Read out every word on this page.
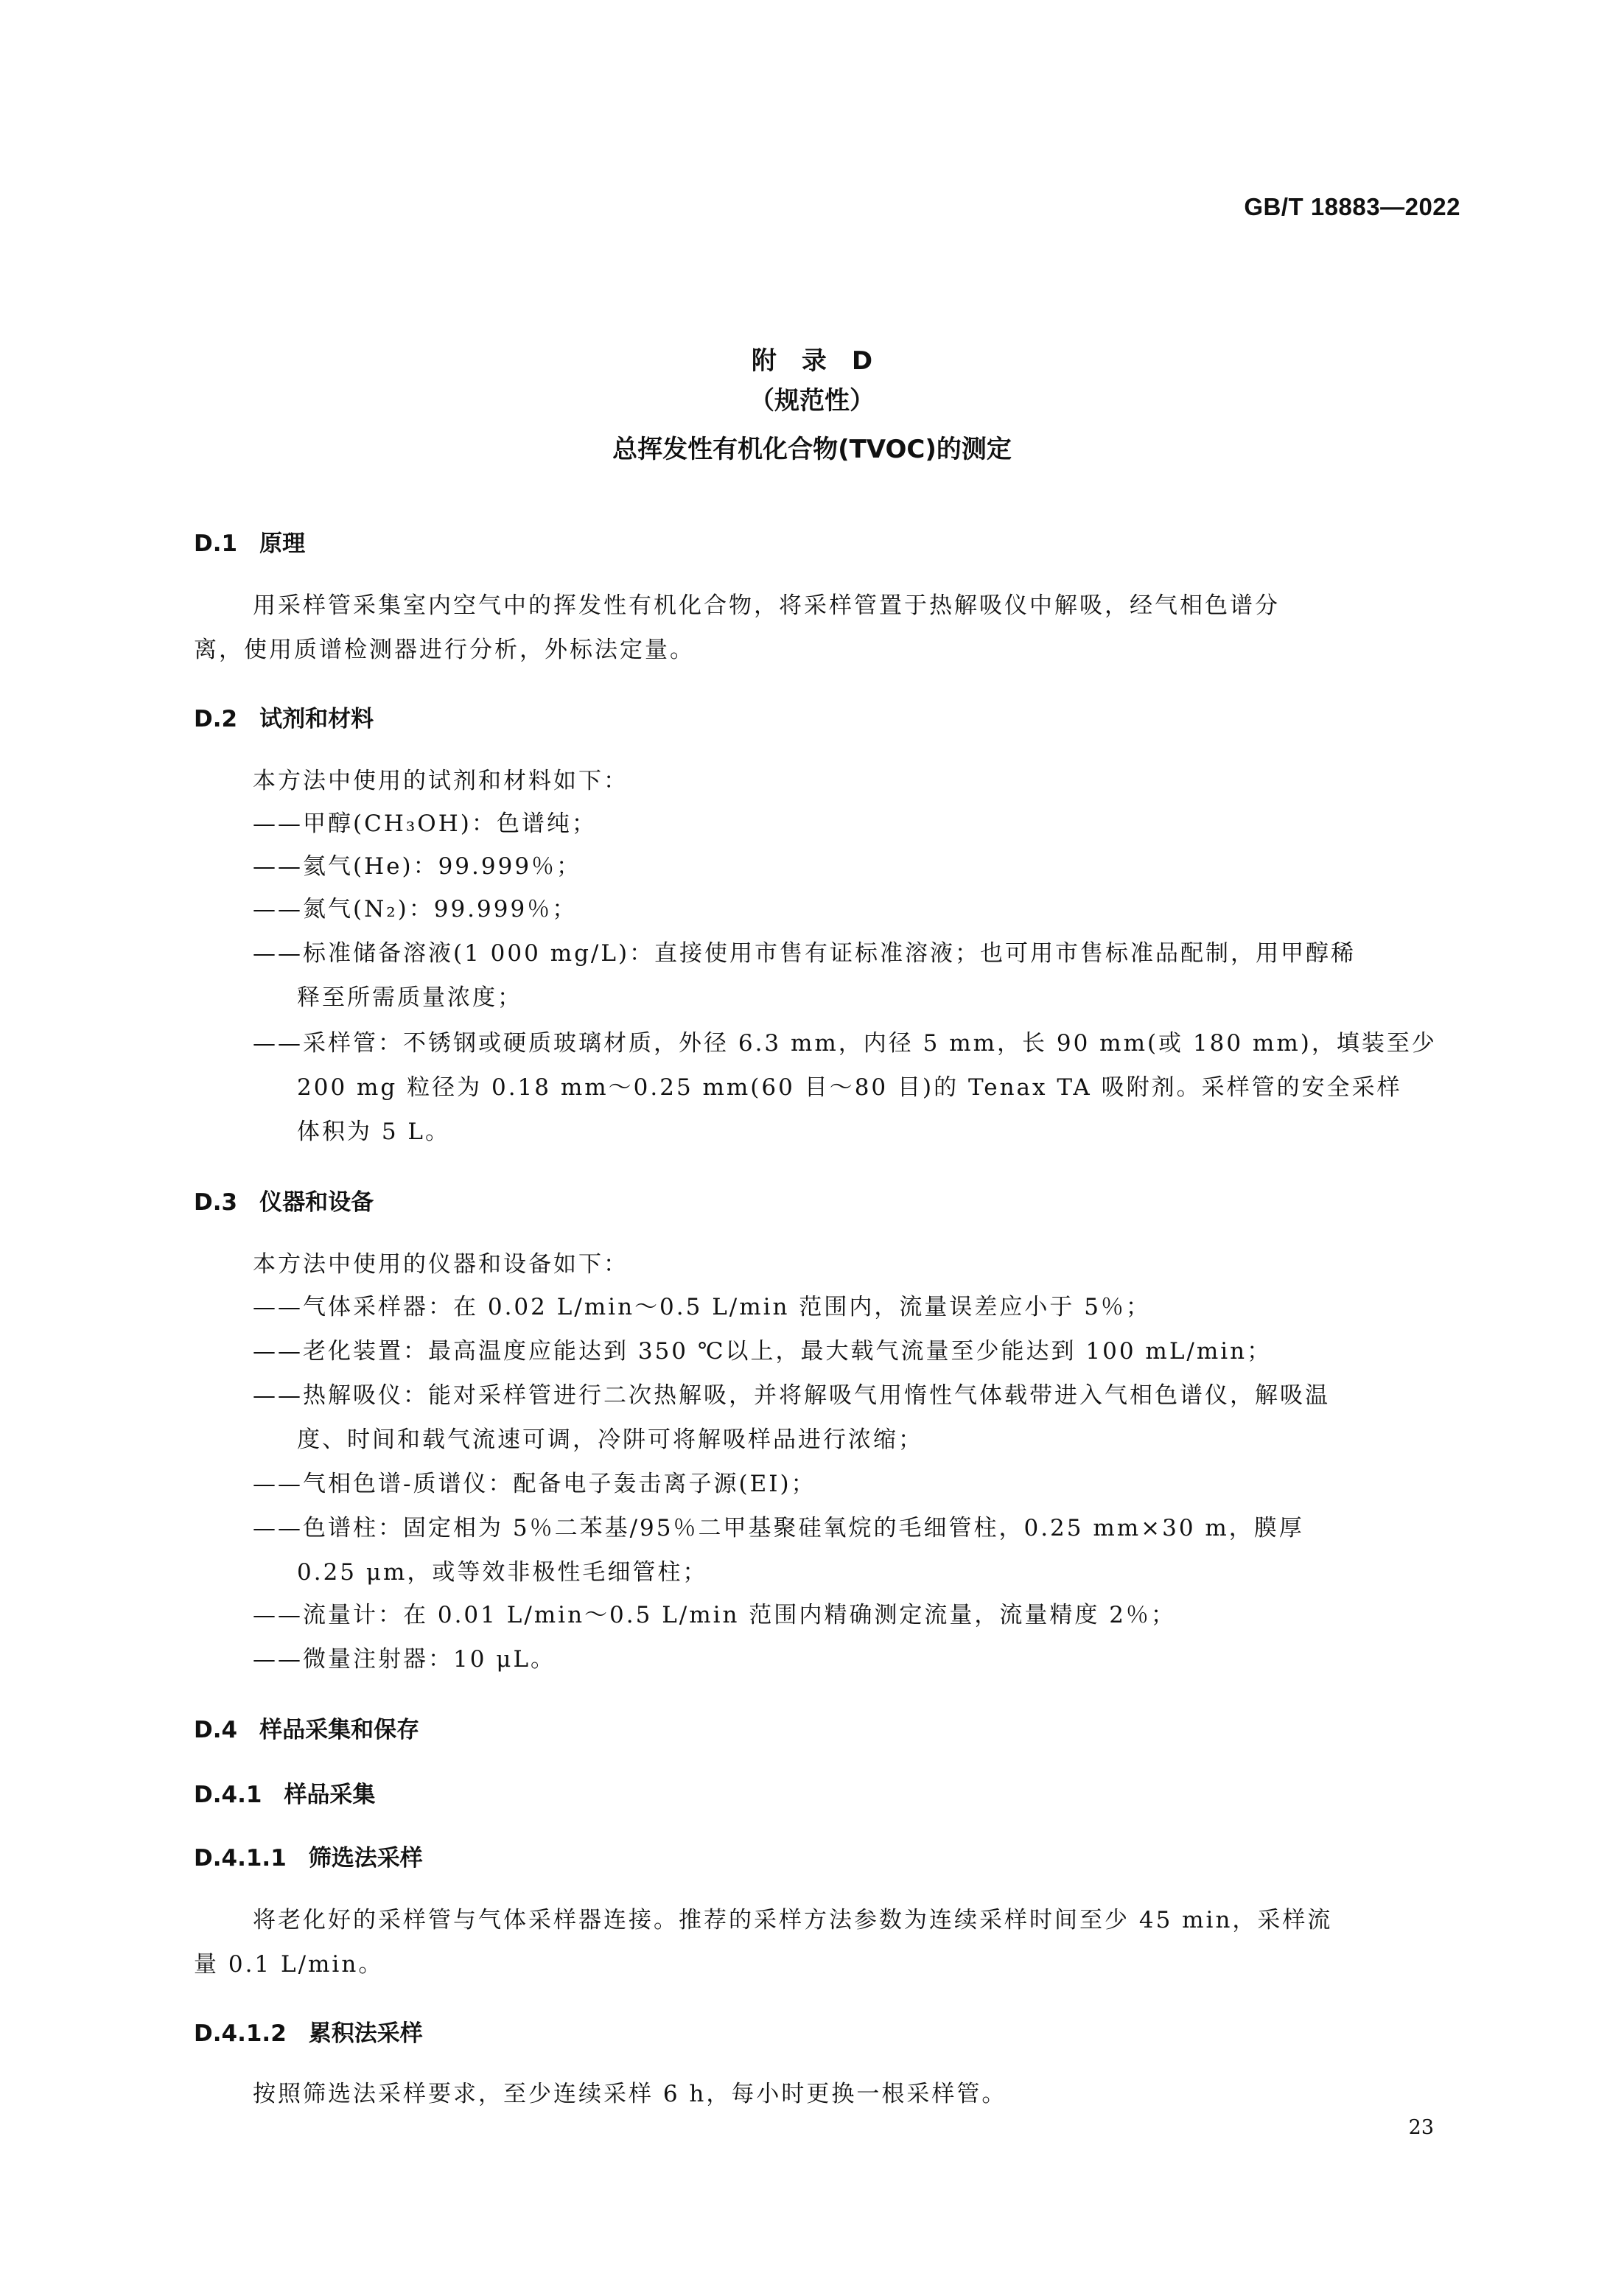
GB/T 18883—2022
附 录 D
（规范性）
总挥发性有机化合物(TVOC)的测定
D.1 原理
用采样管采集室内空气中的挥发性有机化合物，将采样管置于热解吸仪中解吸，经气相色谱分
离，使用质谱检测器进行分析，外标法定量。
D.2 试剂和材料
本方法中使用的试剂和材料如下：
——甲醇(CH₃OH)：色谱纯；
——氦气(He)：99.999％；
——氮气(N₂)：99.999％；
——标准储备溶液(1 000 mg/L)：直接使用市售有证标准溶液；也可用市售标准品配制，用甲醇稀
释至所需质量浓度；
——采样管：不锈钢或硬质玻璃材质，外径 6.3 mm，内径 5 mm，长 90 mm(或 180 mm)，填装至少
200 mg 粒径为 0.18 mm～0.25 mm(60 目～80 目)的 Tenax TA 吸附剂。采样管的安全采样
体积为 5 L。
D.3 仪器和设备
本方法中使用的仪器和设备如下：
——气体采样器：在 0.02 L/min～0.5 L/min 范围内，流量误差应小于 5％；
——老化装置：最高温度应能达到 350 ℃以上，最大载气流量至少能达到 100 mL/min；
——热解吸仪：能对采样管进行二次热解吸，并将解吸气用惰性气体载带进入气相色谱仪，解吸温
度、时间和载气流速可调，冷阱可将解吸样品进行浓缩；
——气相色谱-质谱仪：配备电子轰击离子源(EI)；
——色谱柱：固定相为 5％二苯基/95％二甲基聚硅氧烷的毛细管柱，0.25 mm×30 m，膜厚
0.25 μm，或等效非极性毛细管柱；
——流量计：在 0.01 L/min～0.5 L/min 范围内精确测定流量，流量精度 2％；
——微量注射器：10 μL。
D.4 样品采集和保存
D.4.1 样品采集
D.4.1.1 筛选法采样
将老化好的采样管与气体采样器连接。推荐的采样方法参数为连续采样时间至少 45 min，采样流
量 0.1 L/min。
D.4.1.2 累积法采样
按照筛选法采样要求，至少连续采样 6 h，每小时更换一根采样管。
23
